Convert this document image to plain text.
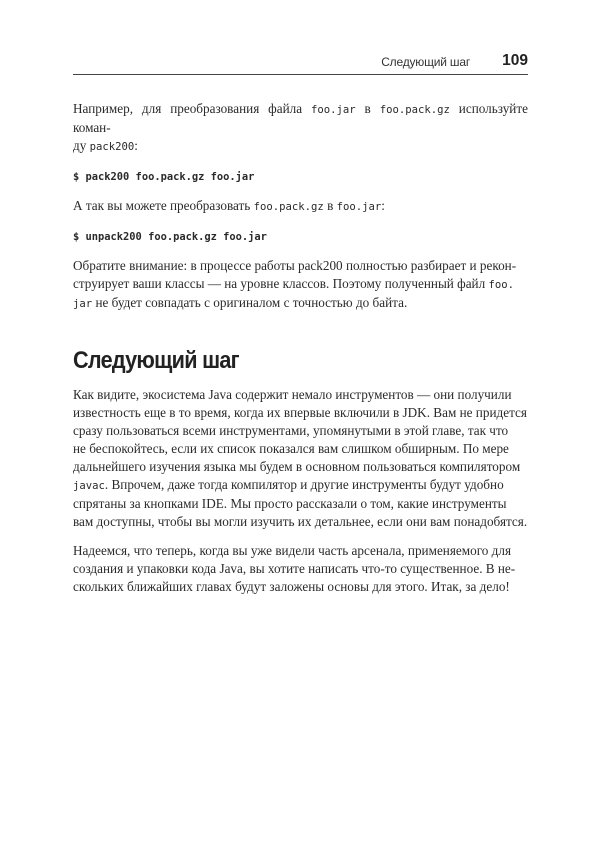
Следующий шаг 109

Например, для преобразования файла foo.jar в foo.pack.gz используйте коман-
ду pack200:

$ pack200 foo.pack.gz foo.jar

А так вы можете преобразовать foo.pack.gz в foo.jar:

$ unpack200 foo.pack.gz foo.jar

Обратите внимание: в процессе работы pack200 полностью разбирает и рекон-
струирует ваши классы — на уровне классов. Поэтому полученный файл foo.
jar не будет совпадать с оригиналом с точностью до байта.

Следующий шаг

Как видите, экосистема Java содержит немало инструментов — они получили
известность еще в то время, когда их впервые включили в JDK. Вам не придется
сразу пользоваться всеми инструментами, упомянутыми в этой главе, так что
не беспокойтесь, если их список показался вам слишком обширным. По мере
дальнейшего изучения языка мы будем в основном пользоваться компилятором
javac. Впрочем, даже тогда компилятор и другие инструменты будут удобно
спрятаны за кнопками IDE. Мы просто рассказали о том, какие инструменты
вам доступны, чтобы вы могли изучить их детальнее, если они вам понадобятся.

Надеемся, что теперь, когда вы уже видели часть арсенала, применяемого для
создания и упаковки кода Java, вы хотите написать что-то существенное. В не-
скольких ближайших главах будут заложены основы для этого. Итак, за дело!
